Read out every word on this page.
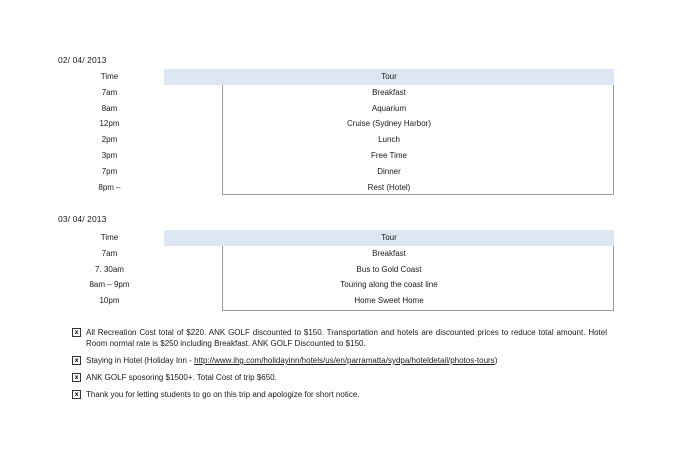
02/ 04/ 2013
Time	Tour
7am	Breakfast
8am	Aquarium
12pm	Cruise (Sydney Harbor)
2pm	Lunch
3pm	Free Time
7pm	Dinner
8pm –	Rest (Hotel)
03/ 04/ 2013
Time	Tour
7am	Breakfast
7. 30am	Bus to Gold Coast
8am – 9pm	Touring along the coast line
10pm	Home Sweet Home
x All Recreation Cost total of $220. ANK GOLF discounted to $150. Transportation and hotels are discounted prices to reduce total amount. Hotel Room normal rate is $250 including Breakfast. ANK GOLF Discounted to $150.
x Staying in Hotel (Holiday Inn - http://www.ihg.com/holidayinn/hotels/us/en/parramatta/sydpa/hoteldetail/photos-tours)
x ANK GOLF sposoring $1500+. Total Cost of trip $650.
x Thank you for letting students to go on this trip and apologize for short notice.
